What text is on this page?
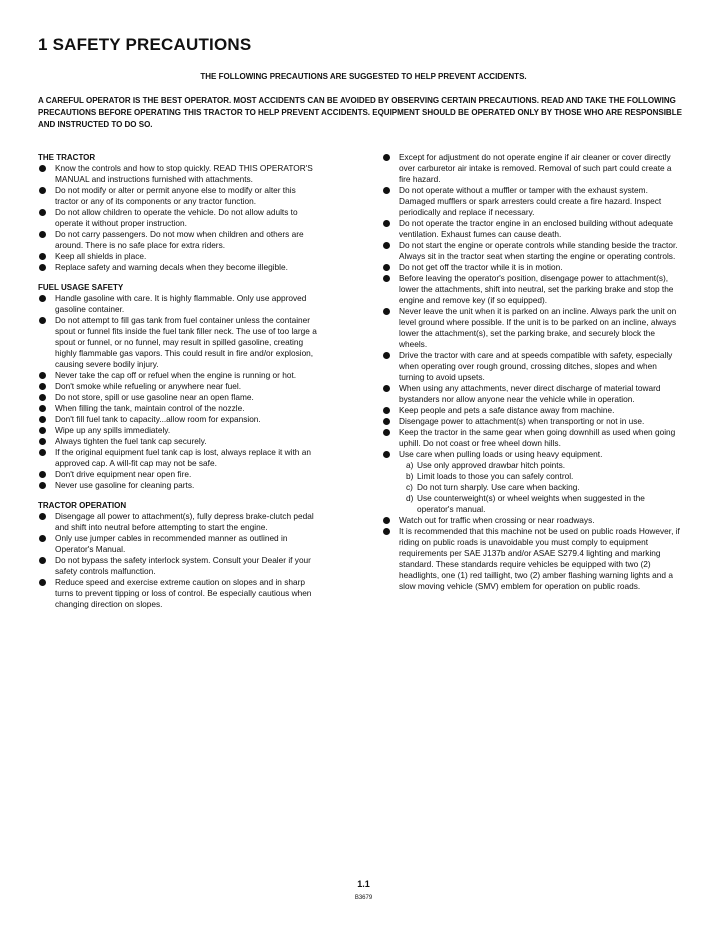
1 SAFETY PRECAUTIONS
THE FOLLOWING PRECAUTIONS ARE SUGGESTED TO HELP PREVENT ACCIDENTS.

A CAREFUL OPERATOR IS THE BEST OPERATOR. MOST ACCIDENTS CAN BE AVOIDED BY OBSERVING CERTAIN PRECAUTIONS. READ AND TAKE THE FOLLOWING PRECAUTIONS BEFORE OPERATING THIS TRACTOR TO HELP PREVENT ACCIDENTS. EQUIPMENT SHOULD BE OPERATED ONLY BY THOSE WHO ARE RESPONSIBLE AND INSTRUCTED TO DO SO.

THE TRACTOR
Know the controls and how to stop quickly. READ THIS OPERATOR'S MANUAL and instructions furnished with attachments.
Do not modify or alter or permit anyone else to modify or alter this tractor or any of its components or any tractor function.
Do not allow children to operate the vehicle. Do not allow adults to operate it without proper instruction.
Do not carry passengers. Do not mow when children and others are around. There is no safe place for extra riders.
Keep all shields in place.
Replace safety and warning decals when they become illegible.
FUEL USAGE SAFETY
Handle gasoline with care. It is highly flammable. Only use approved gasoline container.
Do not attempt to fill gas tank from fuel container unless the container spout or funnel fits inside the fuel tank filler neck. The use of too large a spout or funnel, or no funnel, may result in spilled gasoline, creating highly flammable gas vapors. This could result in fire and/or explosion, causing severe bodily injury.
Never take the cap off or refuel when the engine is running or hot.
Don't smoke while refueling or anywhere near fuel.
Do not store, spill or use gasoline near an open flame.
When filling the tank, maintain control of the nozzle.
Don't fill fuel tank to capacity...allow room for expansion.
Wipe up any spills immediately.
Always tighten the fuel tank cap securely.
If the original equipment fuel tank cap is lost, always replace it with an approved cap. A will-fit cap may not be safe.
Don't drive equipment near open fire.
Never use gasoline for cleaning parts.
TRACTOR OPERATION
Disengage all power to attachment(s), fully depress brake-clutch pedal and shift into neutral before attempting to start the engine.
Only use jumper cables in recommended manner as outlined in Operator's Manual.
Do not bypass the safety interlock system. Consult your Dealer if your safety controls malfunction.
Reduce speed and exercise extreme caution on slopes and in sharp turns to prevent tipping or loss of control. Be especially cautious when changing direction on slopes.
Except for adjustment do not operate engine if air cleaner or cover directly over carburetor air intake is removed. Removal of such part could create a fire hazard.
Do not operate without a muffler or tamper with the exhaust system. Damaged mufflers or spark arresters could create a fire hazard. Inspect periodically and replace if necessary.
Do not operate the tractor engine in an enclosed building without adequate ventilation. Exhaust fumes can cause death.
Do not start the engine or operate controls while standing beside the tractor. Always sit in the tractor seat when starting the engine or operating controls.
Do not get off the tractor while it is in motion.
Before leaving the operator's position, disengage power to attachment(s), lower the attachments, shift into neutral, set the parking brake and stop the engine and remove key (if so equipped).
Never leave the unit when it is parked on an incline. Always park the unit on level ground where possible. If the unit is to be parked on an incline, always lower the attachment(s), set the parking brake, and securely block the wheels.
Drive the tractor with care and at speeds compatible with safety, especially when operating over rough ground, crossing ditches, slopes and when turning to avoid upsets.
When using any attachments, never direct discharge of material toward bystanders nor allow anyone near the vehicle while in operation.
Keep people and pets a safe distance away from machine.
Disengage power to attachment(s) when transporting or not in use.
Keep the tractor in the same gear when going downhill as used when going uphill. Do not coast or free wheel down hills.
Use care when pulling loads or using heavy equipment.
a) Use only approved drawbar hitch points.
b) Limit loads to those you can safely control.
c) Do not turn sharply. Use care when backing.
d) Use counterweight(s) or wheel weights when suggested in the operator's manual.
Watch out for traffic when crossing or near roadways.
It is recommended that this machine not be used on public roads However, if riding on public roads is unavoidable you must comply to equipment requirements per SAE J137b and/or ASAE S279.4 lighting and marking standard. These standards require vehicles be equipped with two (2) headlights, one (1) red taillight, two (2) amber flashing warning lights and a slow moving vehicle (SMV) emblem for operation on public roads.
1.1
B3679
